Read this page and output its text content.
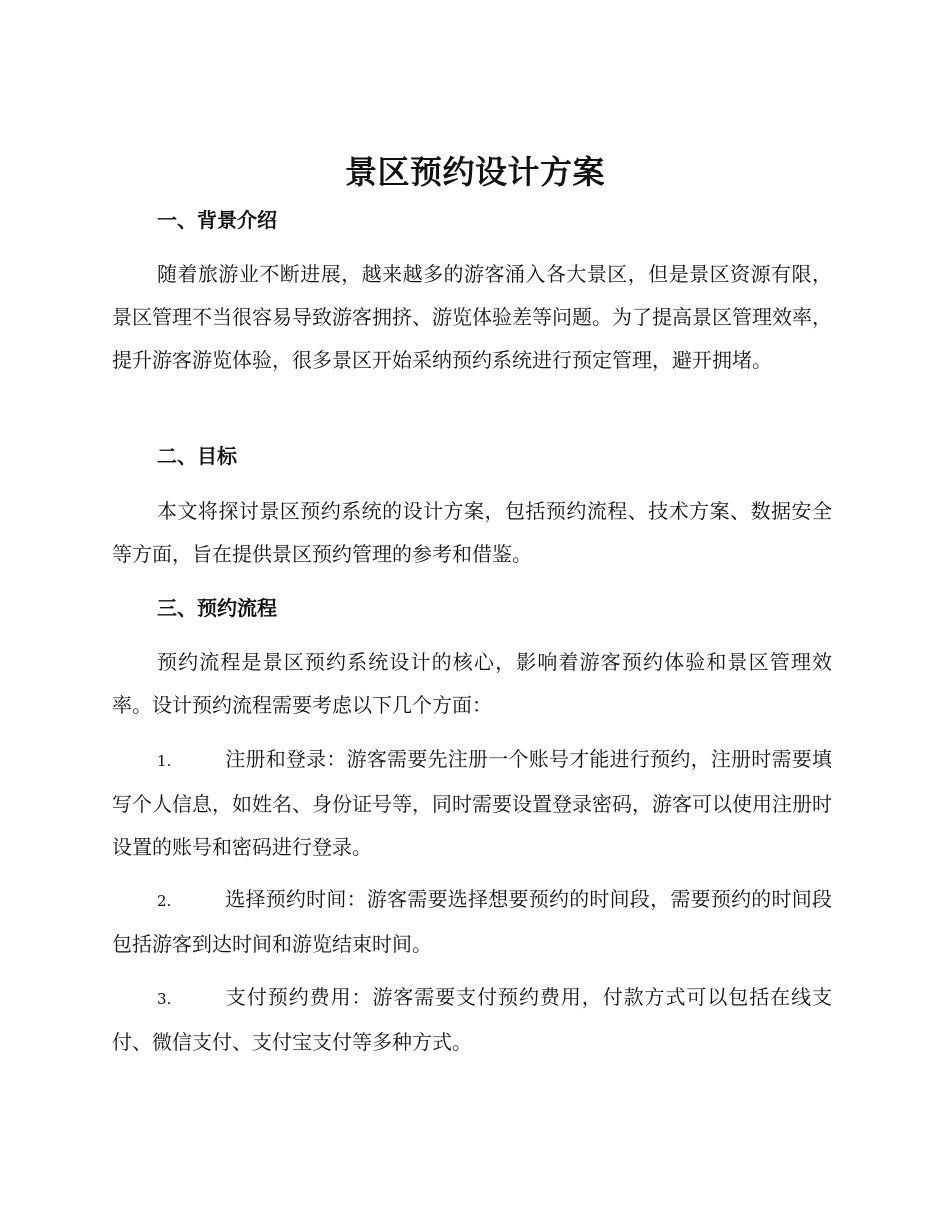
景区预约设计方案
一、背景介绍

随着旅游业不断进展，越来越多的游客涌入各大景区，但是景区资源有限，景区管理不当很容易导致游客拥挤、游览体验差等问题。为了提高景区管理效率，提升游客游览体验，很多景区开始采纳预约系统进行预定管理，避开拥堵。

二、目标

本文将探讨景区预约系统的设计方案，包括预约流程、技术方案、数据安全等方面，旨在提供景区预约管理的参考和借鉴。

三、预约流程

预约流程是景区预约系统设计的核心，影响着游客预约体验和景区管理效率。设计预约流程需要考虑以下几个方面：

1.	注册和登录：游客需要先注册一个账号才能进行预约，注册时需要填写个人信息，如姓名、身份证号等，同时需要设置登录密码，游客可以使用注册时设置的账号和密码进行登录。

2.	选择预约时间：游客需要选择想要预约的时间段，需要预约的时间段包括游客到达时间和游览结束时间。

3.	支付预约费用：游客需要支付预约费用，付款方式可以包括在线支付、微信支付、支付宝支付等多种方式。
